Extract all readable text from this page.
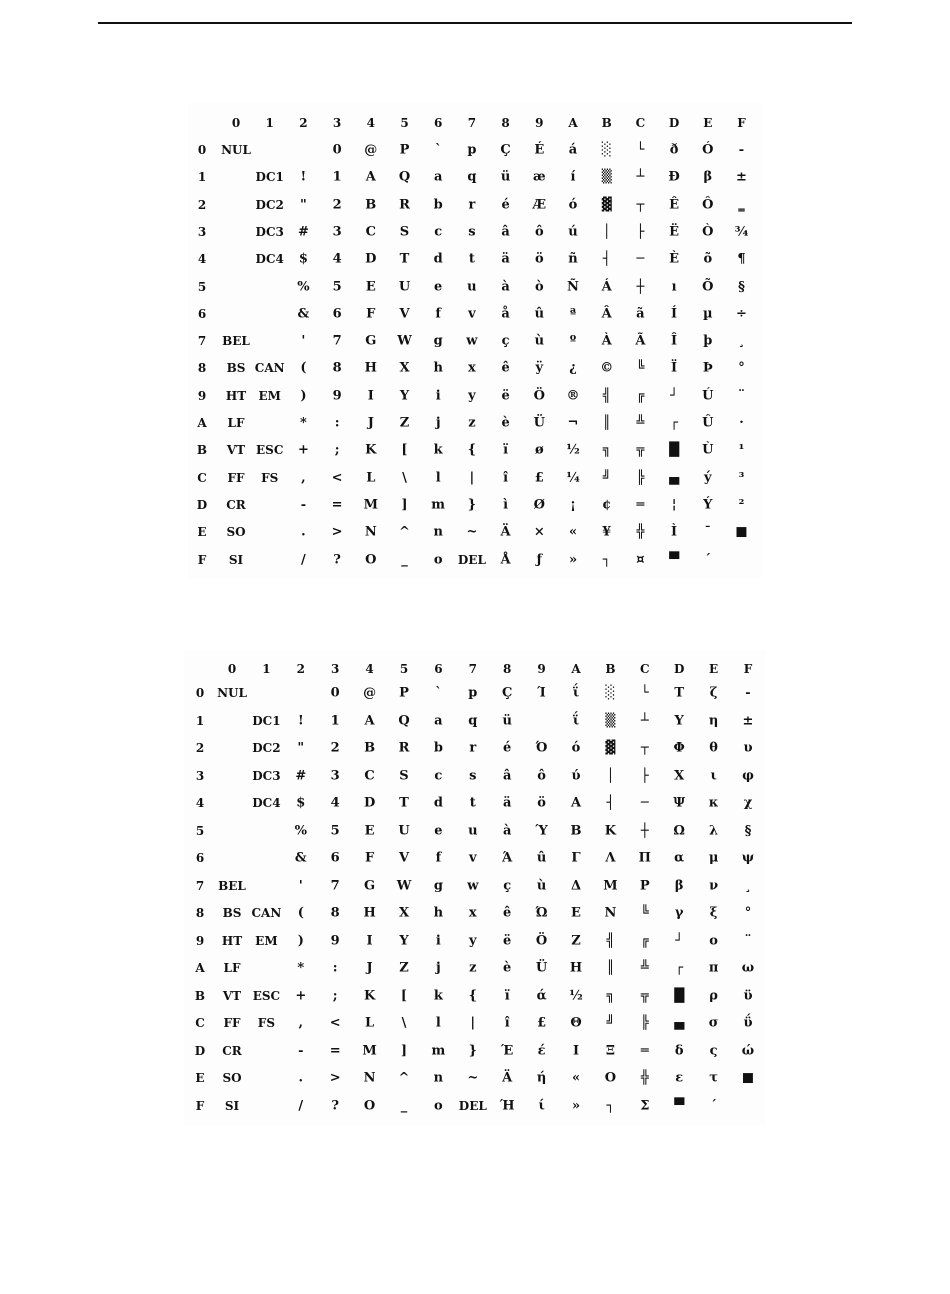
0 1 2 3 4 5 6 7 8 9 A B C D E F
0 NUL	0 @ P ` p Ç É á ░ └ ð Ó -
1	DC1 ! 1 A Q a q ü æ í ▒ ┴ Ð β ±
2	DC2 " 2 B R b r é Æ ó ▓ ┬ Ê Ô ‗
3	DC3 # 3 C S c s â ô ú │ ├ Ë Ò ¾
4	DC4 $ 4 D T d t ä ö ñ ┤ ─ È õ ¶
5	% 5 E U e u à ò Ñ Á ┼ ı Õ §
6	& 6 F V f v å û ª Â ã Í µ ÷
7 BEL	' 7 G W g w ç ù º À Ã Î þ ¸
8 BS CAN ( 8 H X h x ê ÿ ¿ © ╚ Ï Þ °
9 HT EM ) 9 I Y i y ë Ö ® ╣ ╔ ┘ Ú ¨
A LF	* : J Z j z è Ü ¬ ║ ╩ ┌ Û ·
B VT ESC + ; K [ k { ï ø ½ ╗ ╦ █ Ù ¹
C FF FS , < L \ l | î £ ¼ ╝ ╠ ▄ ý ³
D CR	- = M ] m } ì Ø ¡ ¢ ═ ¦ Ý ²
E SO	. > N ^ n ~ Ä × « ¥ ╬ Ì ¯ ■
F SI	/ ? O _ o DEL Å ƒ » ┐ ¤ ▀ ´
0 1 2 3 4 5 6 7 8 9 A B C D E F
0 NUL	0 @ P ` p Ç Ί ΐ ░ └ Τ ζ -
1	DC1 ! 1 A Q a q ü	ΐ ▒ ┴ Υ η ±
2	DC2 " 2 B R b r é Ό ό ▓ ┬ Φ θ υ
3	DC3 # 3 C S c s â ô ύ │ ├ Χ ι φ
4	DC4 $ 4 D T d t ä ö Α ┤ ─ Ψ κ χ
5	% 5 E U e u à Ύ Β Κ ┼ Ω λ §
6	& 6 F V f v Ά û Γ Λ Π α μ ψ
7 BEL	' 7 G W g w ç ù Δ Μ Ρ β ν ¸
8 BS CAN ( 8 H X h x ê Ώ Ε Ν ╚ γ ξ °
9 HT EM ) 9 I Y i y ë Ö Ζ ╣ ╔ ┘ ο ¨
A LF	* : J Z j z è Ü Η ║ ╩ ┌ π ω
B VT ESC + ; K [ k { ï ά ½ ╗ ╦ █ ρ ϋ
C FF FS , < L \ l | î £ Θ ╝ ╠ ▄ σ ΰ
D CR	- = M ] m } Έ έ Ι Ξ ═ δ ς ώ
E SO	. > N ^ n ~ Ä ή « Ο ╬ ε τ ■
F SI	/ ? O _ o DEL Ή ί » ┐ Σ ▀ ´
